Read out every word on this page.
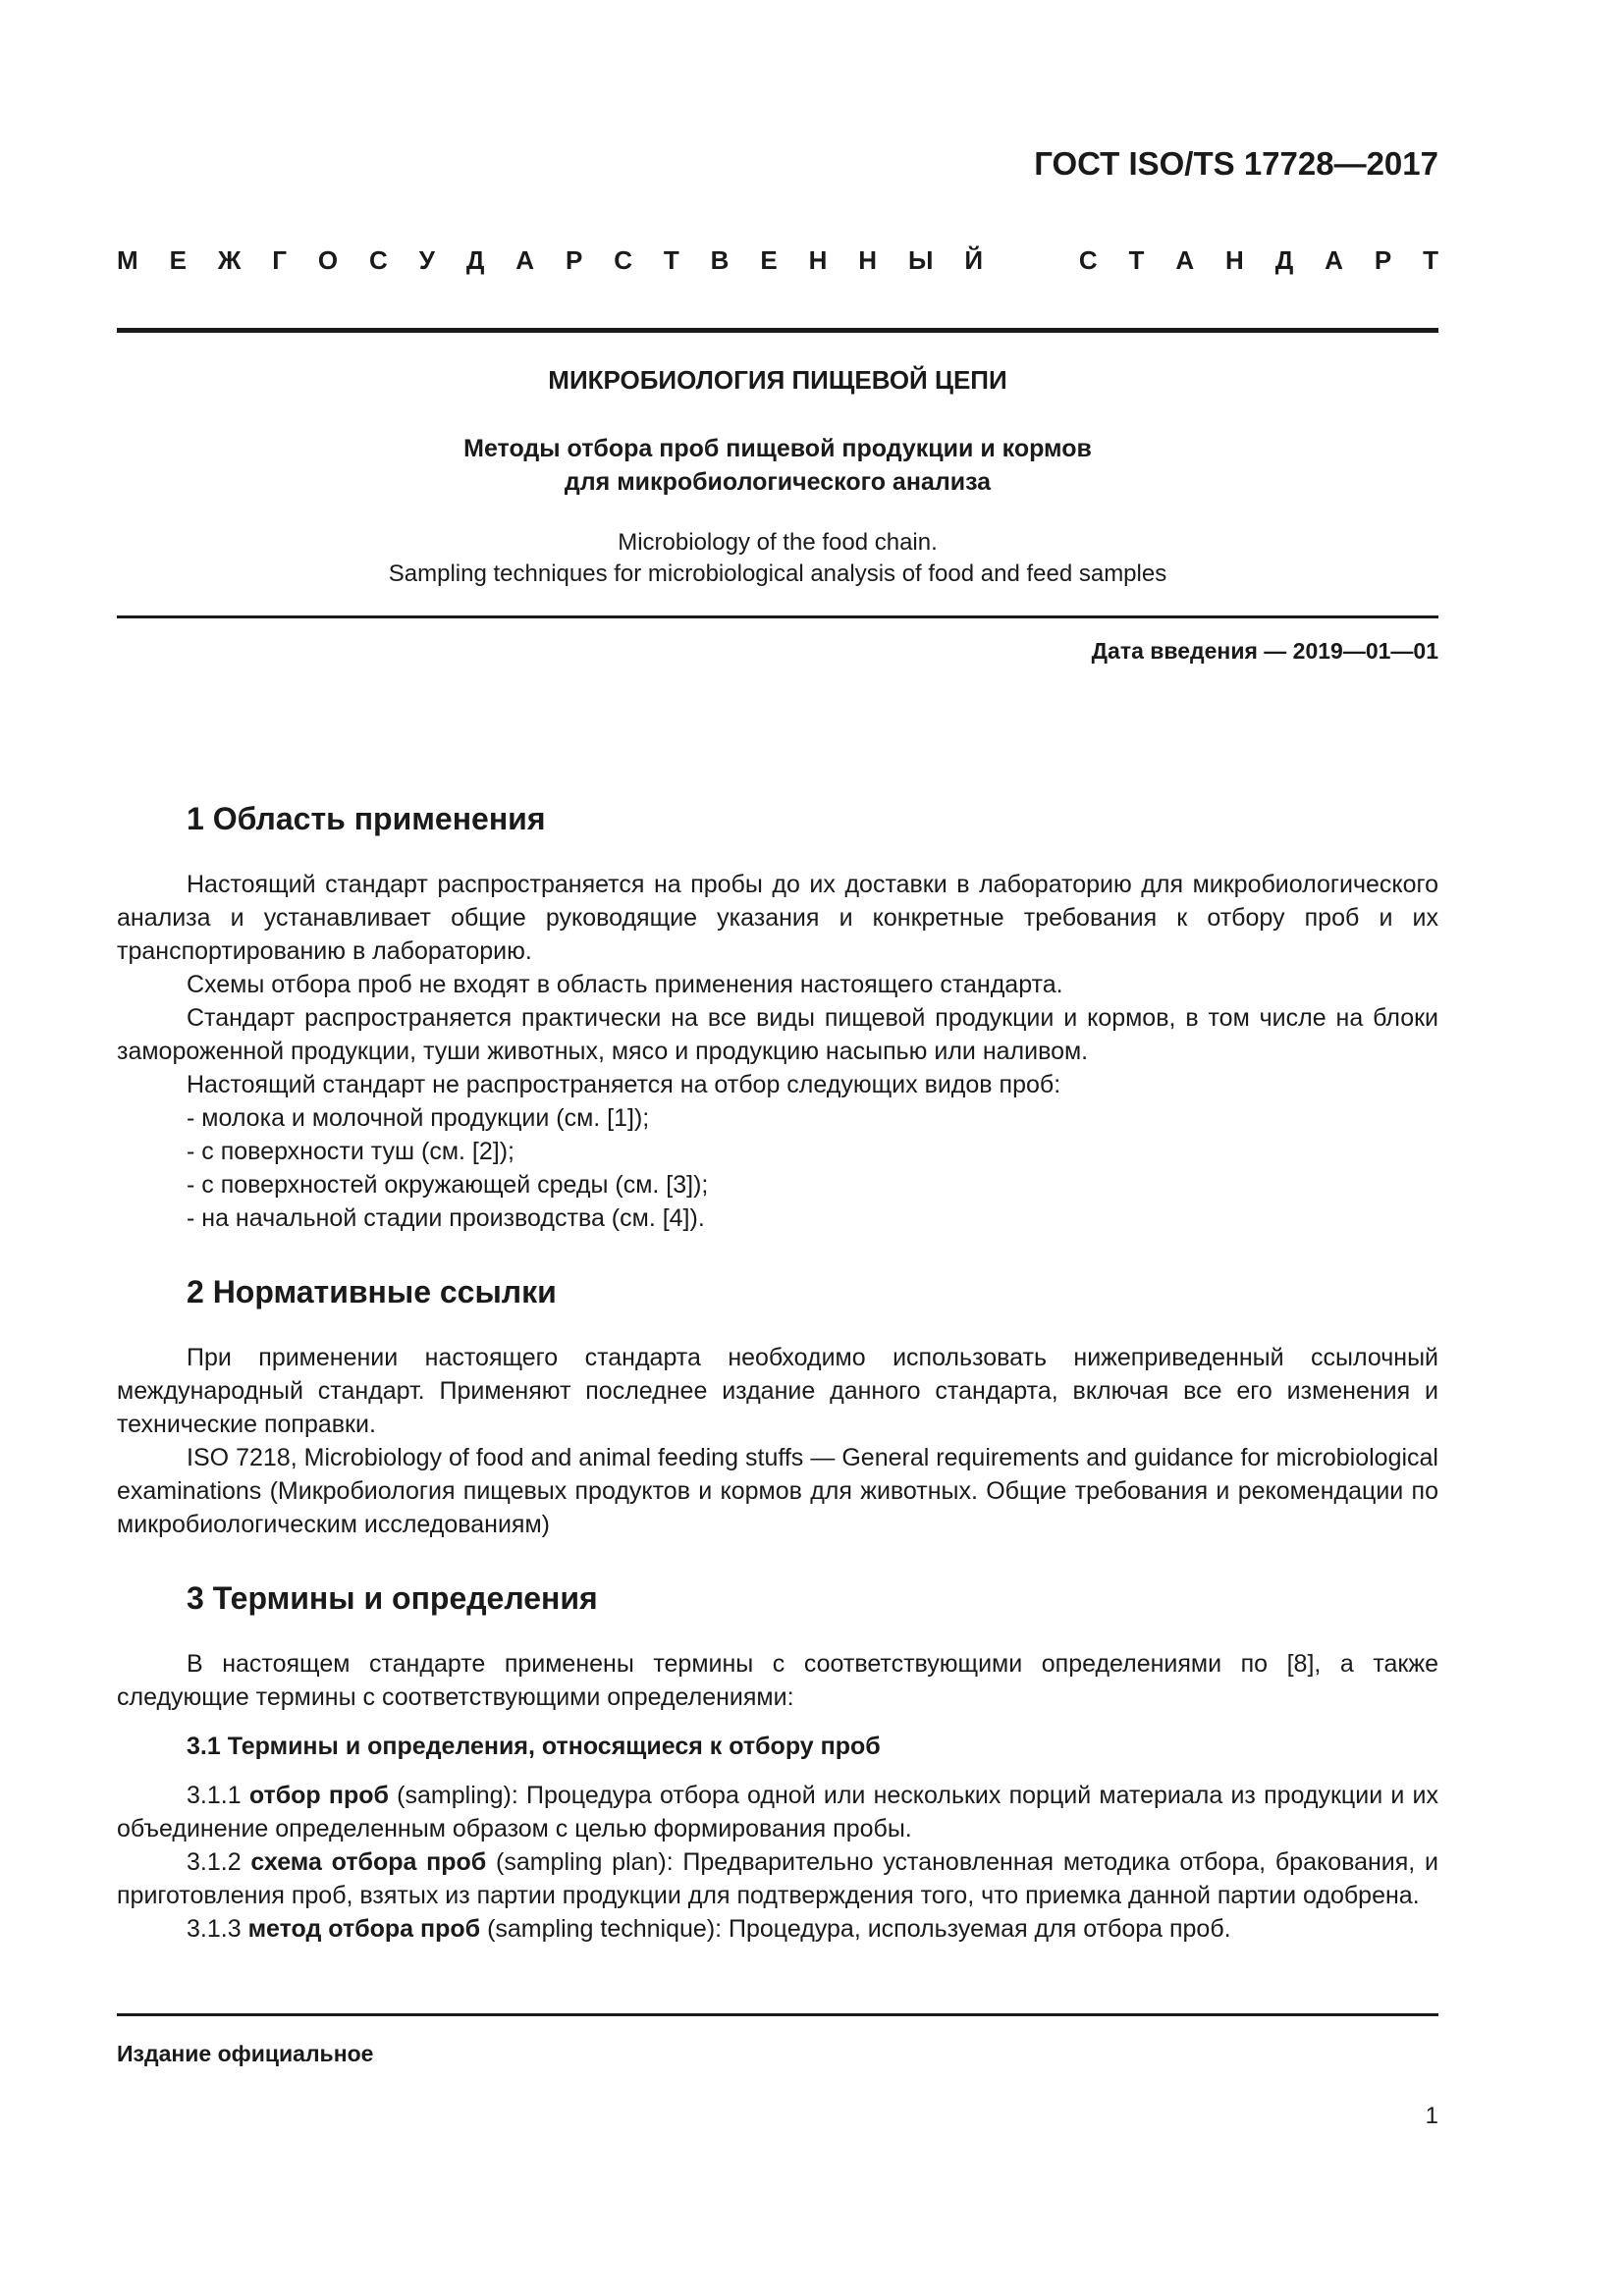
ГОСТ ISO/TS 17728—2017
М Е Ж Г О С У Д А Р С Т В Е Н Н Ы Й	С Т А Н Д А Р Т
МИКРОБИОЛОГИЯ ПИЩЕВОЙ ЦЕПИ
Методы отбора проб пищевой продукции и кормов
для микробиологического анализа
Microbiology of the food chain.
Sampling techniques for microbiological analysis of food and feed samples
Дата введения — 2019—01—01
1 Область применения

Настоящий стандарт распространяется на пробы до их доставки в лабораторию для микробиологического анализа и устанавливает общие руководящие указания и конкретные требования к отбору проб и их транспортированию в лабораторию.

Схемы отбора проб не входят в область применения настоящего стандарта.

Стандарт распространяется практически на все виды пищевой продукции и кормов, в том числе на блоки замороженной продукции, туши животных, мясо и продукцию насыпью или наливом.

Настоящий стандарт не распространяется на отбор следующих видов проб:

- молока и молочной продукции (см. [1]);
- с поверхности туш (см. [2]);
- с поверхностей окружающей среды (см. [3]);
- на начальной стадии производства (см. [4]).
2 Нормативные ссылки

При применении настоящего стандарта необходимо использовать нижеприведенный ссылочный международный стандарт. Применяют последнее издание данного стандарта, включая все его изменения и технические поправки.

ISO 7218, Microbiology of food and animal feeding stuffs — General requirements and guidance for microbiological examinations (Микробиология пищевых продуктов и кормов для животных. Общие требования и рекомендации по микробиологическим исследованиям)

3 Термины и определения

В настоящем стандарте применены термины с соответствующими определениями по [8], а также следующие термины с соответствующими определениями:

3.1 Термины и определения, относящиеся к отбору проб

3.1.1 отбор проб (sampling): Процедура отбора одной или нескольких порций материала из продукции и их объединение определенным образом с целью формирования пробы.

3.1.2 схема отбора проб (sampling plan): Предварительно установленная методика отбора, бракования, и приготовления проб, взятых из партии продукции для подтверждения того, что приемка данной партии одобрена.

3.1.3 метод отбора проб (sampling technique): Процедура, используемая для отбора проб.

Издание официальное
1
